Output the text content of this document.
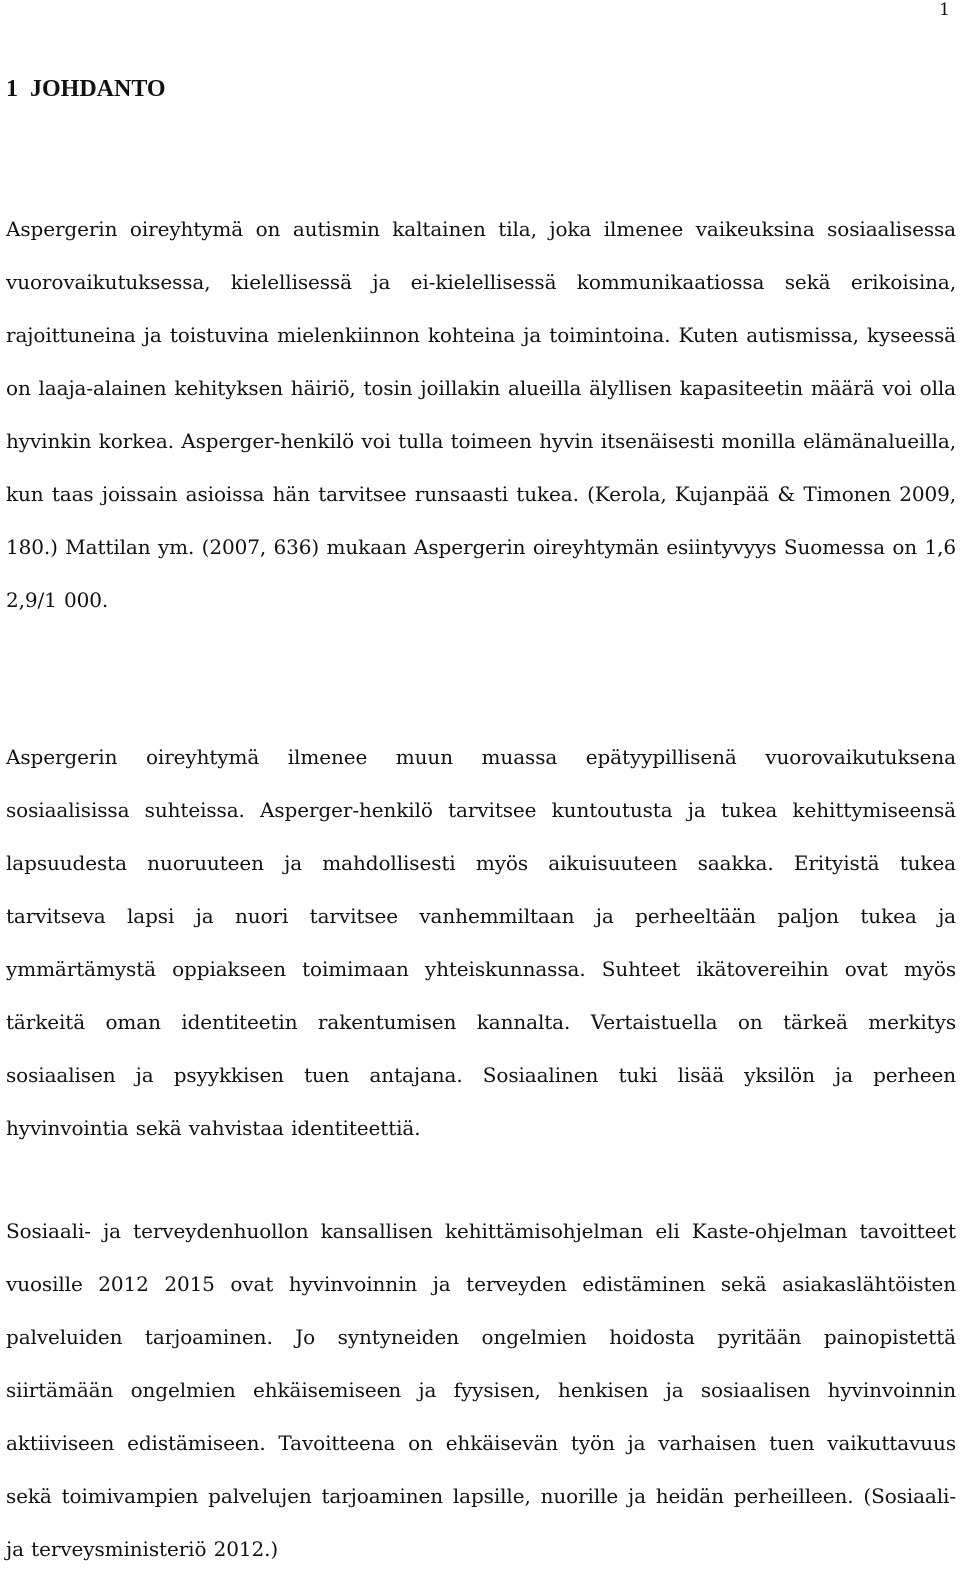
1
1 JOHDANTO

Aspergerin oireyhtymä on autismin kaltainen tila, joka ilmenee vaikeuksina sosiaalisessa vuorovaikutuksessa, kielellisessä ja ei-kielellisessä kommunikaatiossa sekä erikoisina, rajoittuneina ja toistuvina mielenkiinnon kohteina ja toimintoina. Kuten autismissa, kyseessä on laaja-alainen kehityksen häiriö, tosin joillakin alueilla älyllisen kapasiteetin määrä voi olla hyvinkin korkea. Asperger-henkilö voi tulla toimeen hyvin itsenäisesti monilla elämänalueilla, kun taas joissain asioissa hän tarvitsee runsaasti tukea. (Kerola, Kujanpää & Timonen 2009, 180.) Mattilan ym. (2007, 636) mukaan Aspergerin oireyhtymän esiintyvyys Suomessa on 1,6 2,9/1 000.

Aspergerin oireyhtymä ilmenee muun muassa epätyypillisenä vuorovaikutuksena sosiaalisissa suhteissa. Asperger-henkilö tarvitsee kuntoutusta ja tukea kehittymiseensä lapsuudesta nuoruuteen ja mahdollisesti myös aikuisuuteen saakka. Erityistä tukea tarvitseva lapsi ja nuori tarvitsee vanhemmiltaan ja perheeltään paljon tukea ja ymmärtämystä oppiakseen toimimaan yhteiskunnassa. Suhteet ikätovereihin ovat myös tärkeitä oman identiteetin rakentumisen kannalta. Vertaistuella on tärkeä merkitys sosiaalisen ja psyykkisen tuen antajana. Sosiaalinen tuki lisää yksilön ja perheen hyvinvointia sekä vahvistaa identiteettiä.

Sosiaali- ja terveydenhuollon kansallisen kehittämisohjelman eli Kaste-ohjelman tavoitteet vuosille 2012 2015 ovat hyvinvoinnin ja terveyden edistäminen sekä asiakaslähtöisten palveluiden tarjoaminen. Jo syntyneiden ongelmien hoidosta pyritään painopistettä siirtämään ongelmien ehkäisemiseen ja fyysisen, henkisen ja sosiaalisen hyvinvoinnin aktiiviseen edistämiseen. Tavoitteena on ehkäisevän työn ja varhaisen tuen vaikuttavuus sekä toimivampien palvelujen tarjoaminen lapsille, nuorille ja heidän perheilleen. (Sosiaali- ja terveysministeriö 2012.)
